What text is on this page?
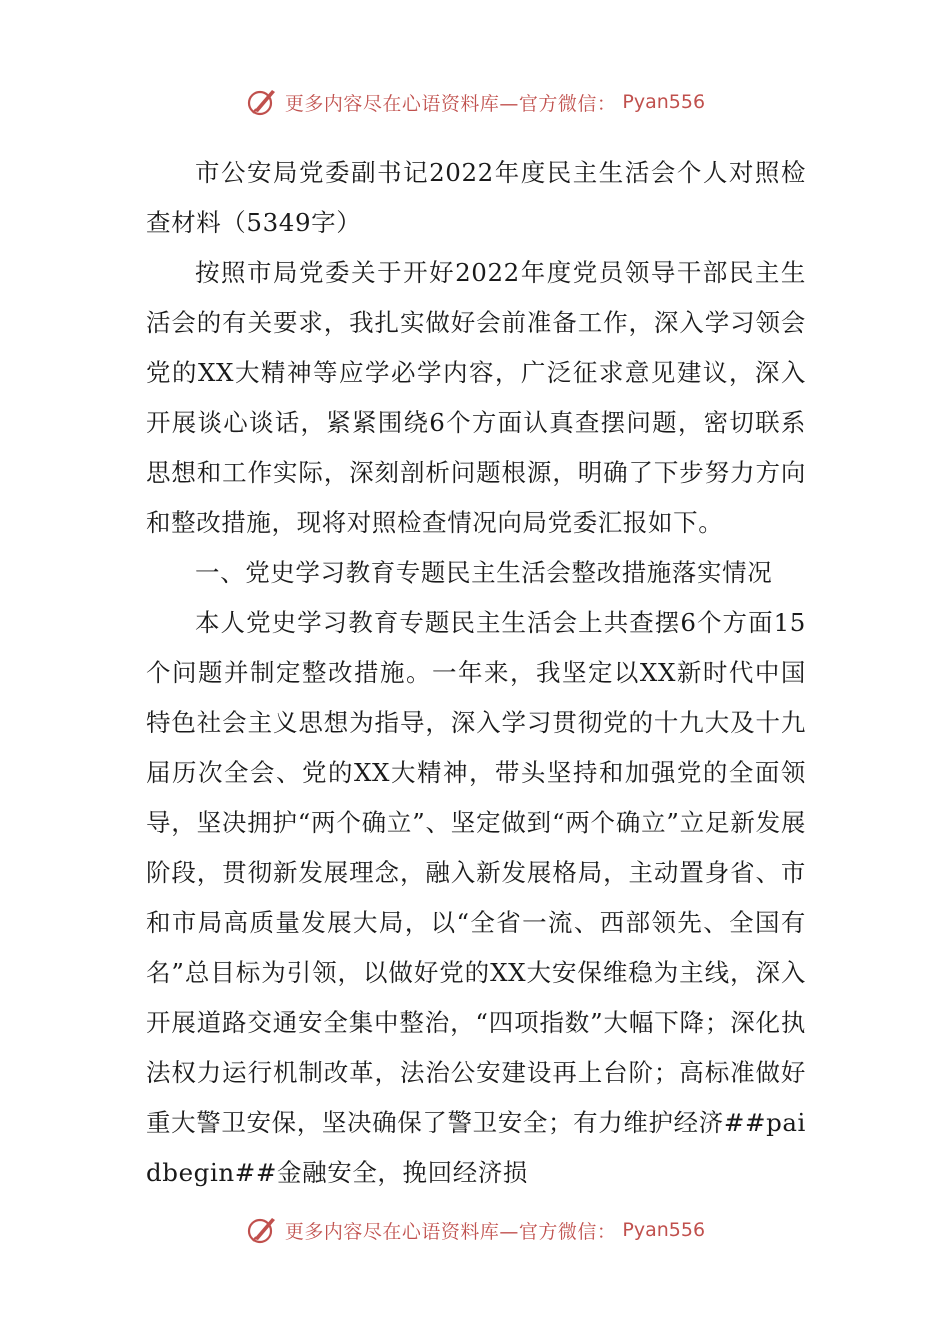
更多内容尽在心语资料库—官方微信： Pyan556

市公安局党委副书记2022年度民主生活会个人对照检查材料（5349字）

按照市局党委关于开好2022年度党员领导干部民主生活会的有关要求，我扎实做好会前准备工作，深入学习领会党的XX大精神等应学必学内容，广泛征求意见建议，深入开展谈心谈话，紧紧围绕6个方面认真查摆问题，密切联系思想和工作实际，深刻剖析问题根源，明确了下步努力方向和整改措施，现将对照检查情况向局党委汇报如下。

一、党史学习教育专题民主生活会整改措施落实情况

本人党史学习教育专题民主生活会上共查摆6个方面15个问题并制定整改措施。一年来，我坚定以XX新时代中国特色社会主义思想为指导，深入学习贯彻党的十九大及十九届历次全会、党的XX大精神，带头坚持和加强党的全面领导，坚决拥护“两个确立”、坚定做到“两个确立”立足新发展阶段，贯彻新发展理念，融入新发展格局，主动置身省、市和市局高质量发展大局，以“全省一流、西部领先、全国有名”总目标为引领，以做好党的XX大安保维稳为主线，深入开展道路交通安全集中整治，“四项指数”大幅下降；深化执法权力运行机制改革，法治公安建设再上台阶；高标准做好重大警卫安保，坚决确保了警卫安全；有力维护经济##paidbegin##金融安全，挽回经济损

更多内容尽在心语资料库—官方微信： Pyan556
